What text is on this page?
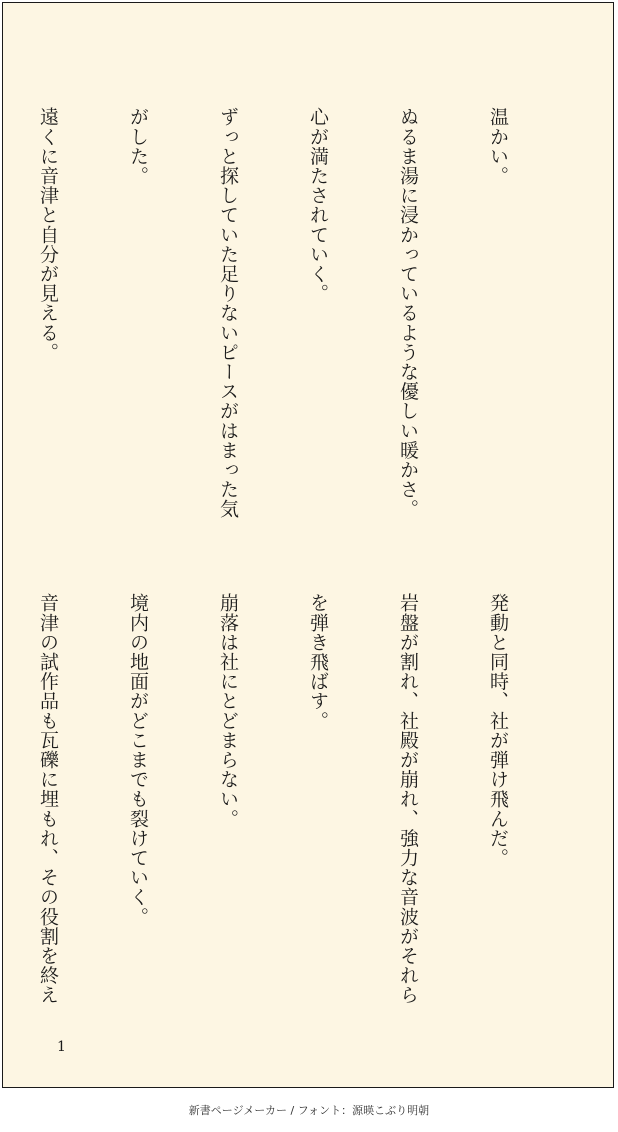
温かい。

ぬるま湯に浸かっているような優しい暖かさ。

心が満たされていく。

ずっと探していた足りないピースがはまった気

がした。

遠くに音津と自分が見える。

発動と同時、社が弾け飛んだ。

岩盤が割れ、社殿が崩れ、強力な音波がそれら

を弾き飛ばす。

崩落は社にとどまらない。

境内の地面がどこまでも裂けていく。

音津の試作品も瓦礫に埋もれ、その役割を終え

1
新書ページメーカー / フォント：源暎こぶり明朝
